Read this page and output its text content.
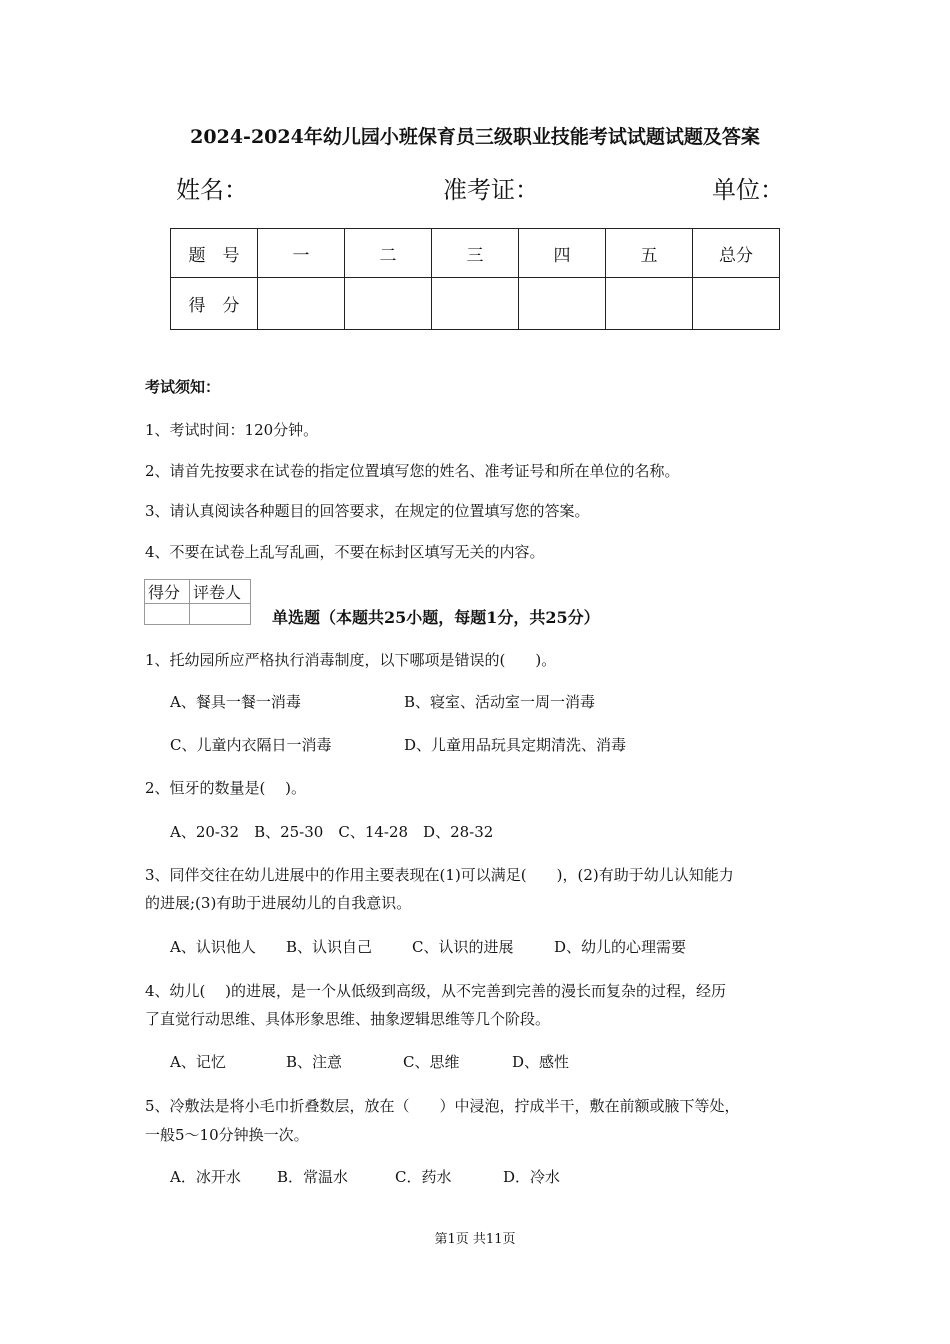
2024-2024年幼儿园小班保育员三级职业技能考试试题试题及答案
姓名：	准考证：	单位：
题　号	一	二	三	四	五	总分
得　分						
考试须知：
1、考试时间：120分钟。
2、请首先按要求在试卷的指定位置填写您的姓名、准考证号和所在单位的名称。
3、请认真阅读各种题目的回答要求，在规定的位置填写您的答案。
4、不要在试卷上乱写乱画，不要在标封区填写无关的内容。
得分	评卷人

单选题（本题共25小题，每题1分，共25分）
1、托幼园所应严格执行消毒制度，以下哪项是错误的(　　)。
A、餐具一餐一消毒	B、寝室、活动室一周一消毒
C、儿童内衣隔日一消毒	D、儿童用品玩具定期清洗、消毒
2、恒牙的数量是(　 )。
A、20-32　B、25-30　C、14-28　D、28-32
3、同伴交往在幼儿进展中的作用主要表现在(1)可以满足(　　)，(2)有助于幼儿认知能力
的进展;(3)有助于进展幼儿的自我意识。
A、认识他人 B、认识自己	C、认识的进展	D、幼儿的心理需要
4、幼儿(　 )的进展，是一个从低级到高级，从不完善到完善的漫长而复杂的过程，经历
了直觉行动思维、具体形象思维、抽象逻辑思维等几个阶段。
A、记忆	B、注意	C、思维	D、感性
5、冷敷法是将小毛巾折叠数层，放在（　　）中浸泡，拧成半干，敷在前额或腋下等处，
一般5～10分钟换一次。
A．冰开水 B．常温水	C．药水	D．冷水
第1页 共11页
